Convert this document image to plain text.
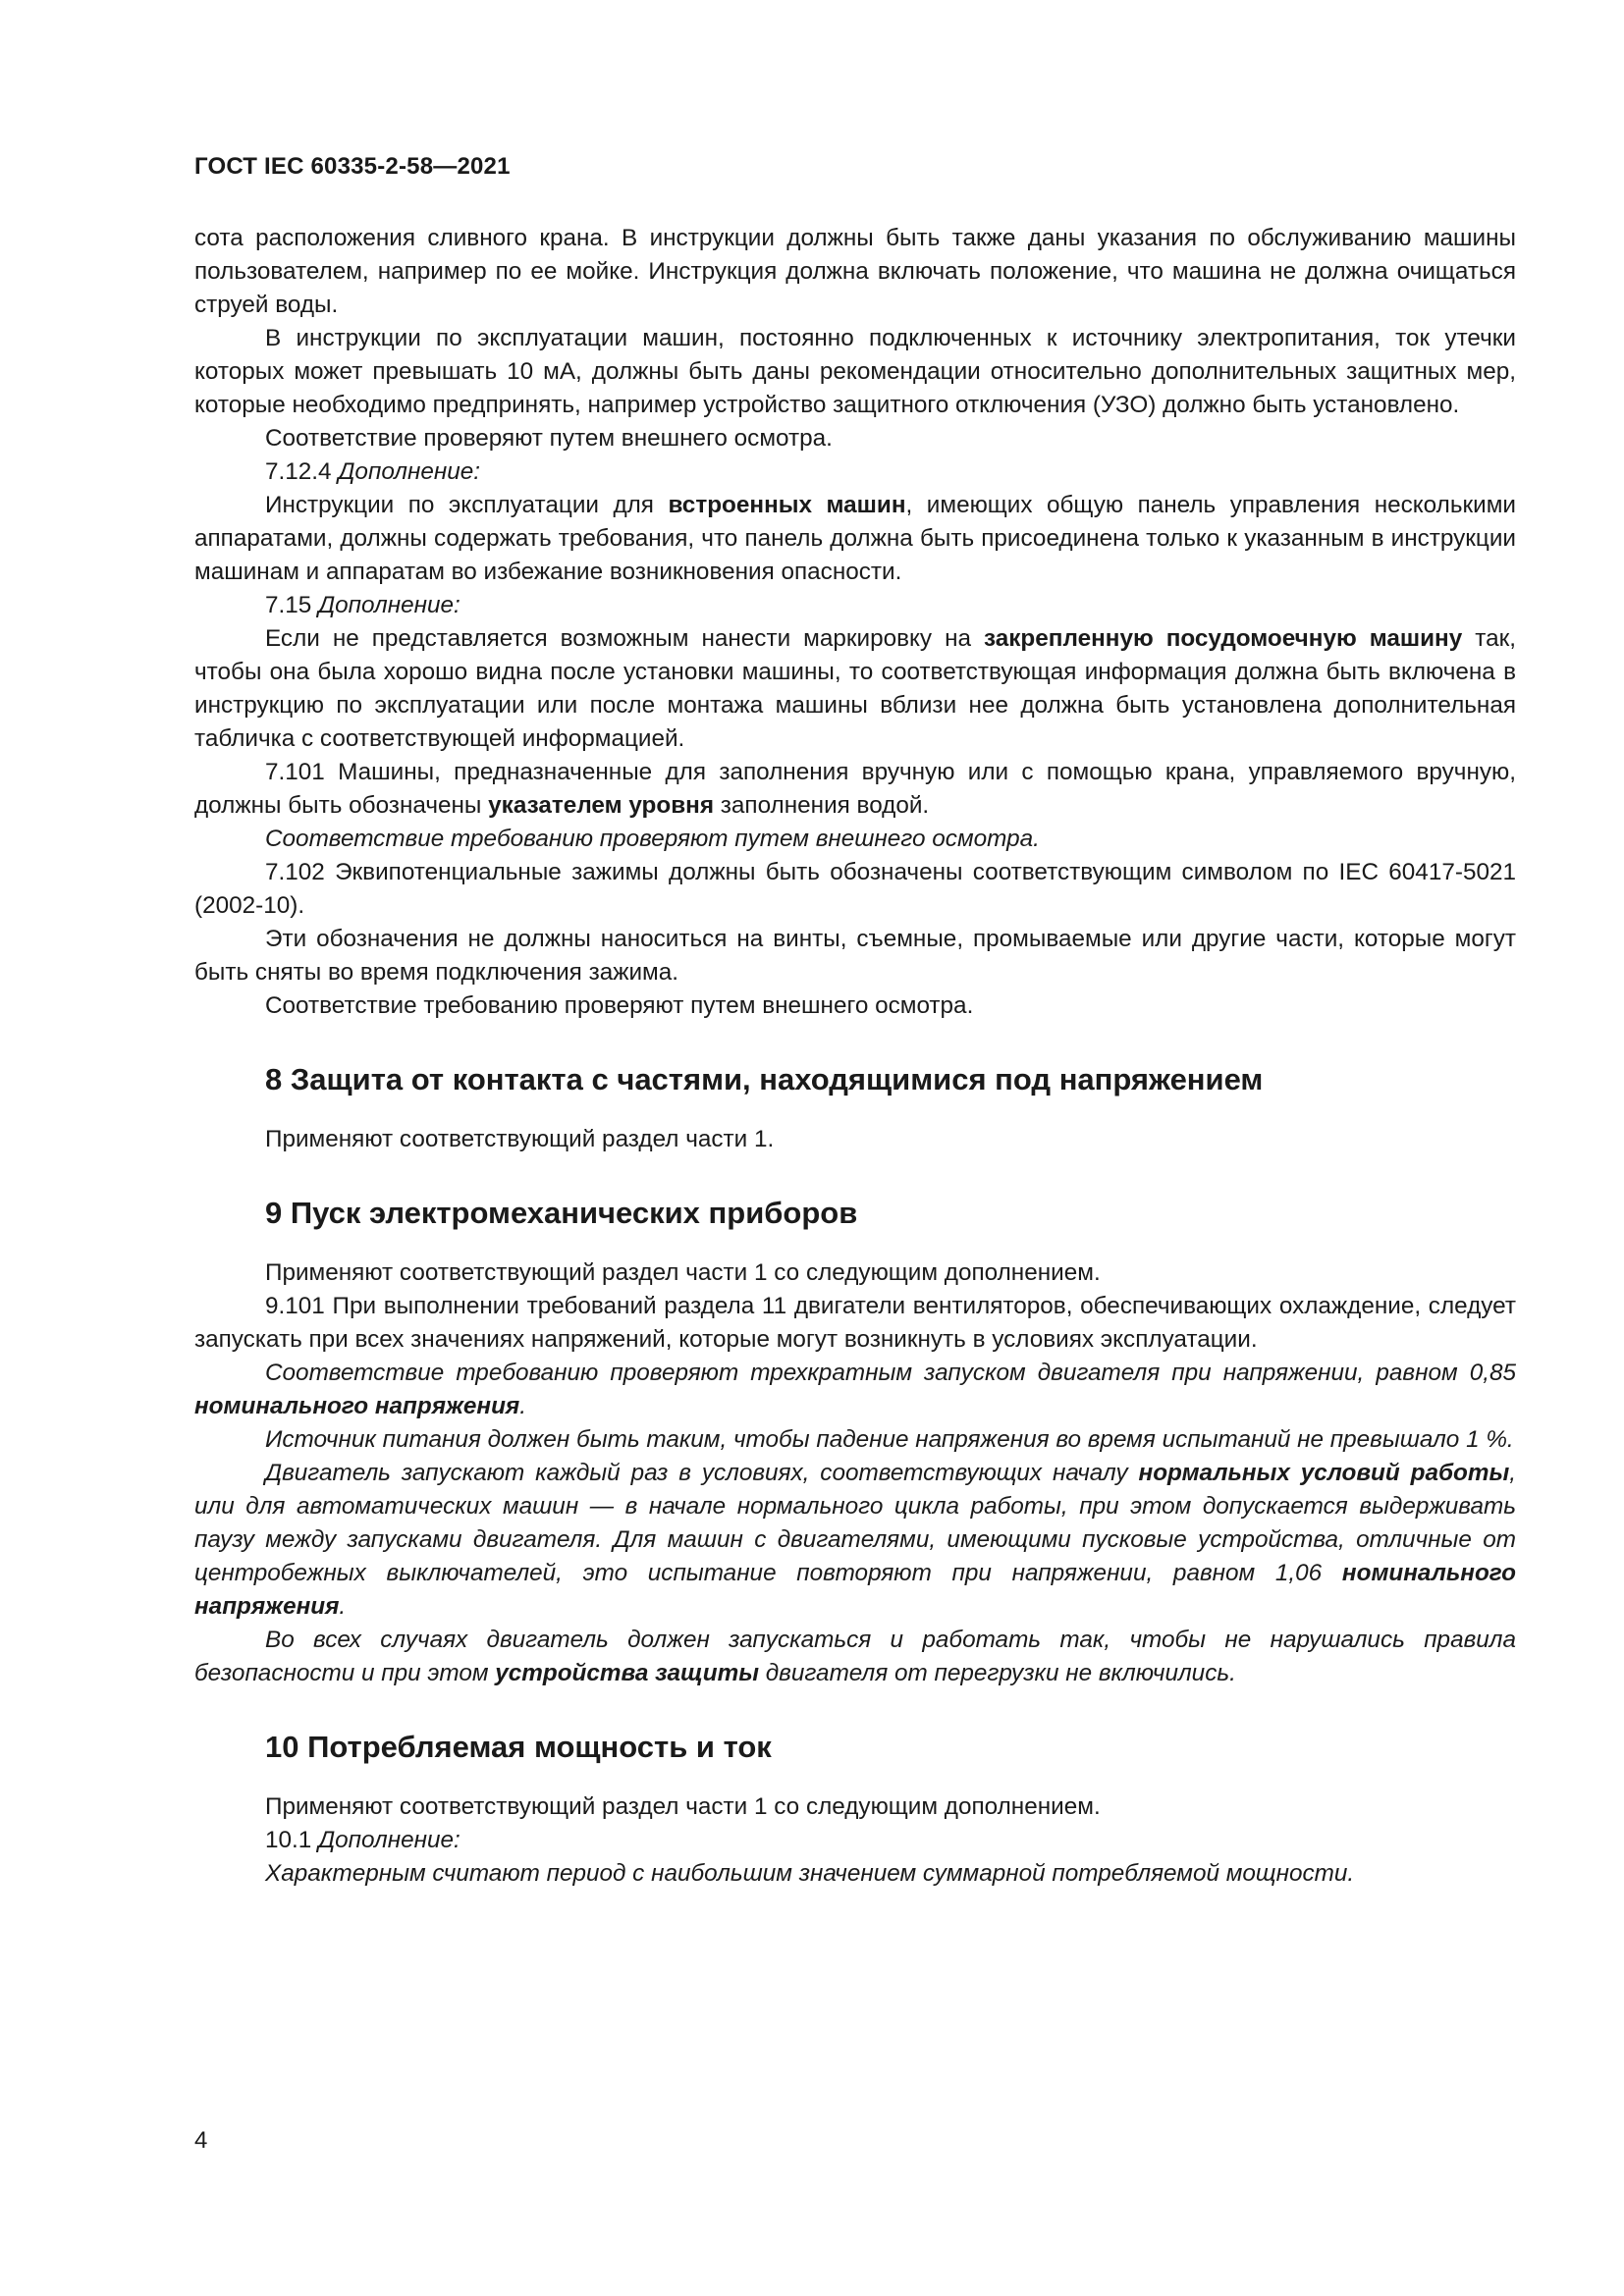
ГОСТ IEC 60335-2-58—2021

сота расположения сливного крана. В инструкции должны быть также даны указания по обслуживанию машины пользователем, например по ее мойке. Инструкция должна включать положение, что машина не должна очищаться струей воды.

В инструкции по эксплуатации машин, постоянно подключенных к источнику электропитания, ток утечки которых может превышать 10 мА, должны быть даны рекомендации относительно дополнительных защитных мер, которые необходимо предпринять, например устройство защитного отключения (УЗО) должно быть установлено.

Соответствие проверяют путем внешнего осмотра.

7.12.4 Дополнение:

Инструкции по эксплуатации для встроенных машин, имеющих общую панель управления несколькими аппаратами, должны содержать требования, что панель должна быть присоединена только к указанным в инструкции машинам и аппаратам во избежание возникновения опасности.

7.15 Дополнение:

Если не представляется возможным нанести маркировку на закрепленную посудомоечную машину так, чтобы она была хорошо видна после установки машины, то соответствующая информация должна быть включена в инструкцию по эксплуатации или после монтажа машины вблизи нее должна быть установлена дополнительная табличка с соответствующей информацией.

7.101 Машины, предназначенные для заполнения вручную или с помощью крана, управляемого вручную, должны быть обозначены указателем уровня заполнения водой.

Соответствие требованию проверяют путем внешнего осмотра.

7.102 Эквипотенциальные зажимы должны быть обозначены соответствующим символом по IEC 60417-5021 (2002-10).

Эти обозначения не должны наноситься на винты, съемные, промываемые или другие части, которые могут быть сняты во время подключения зажима.

Соответствие требованию проверяют путем внешнего осмотра.

8 Защита от контакта с частями, находящимися под напряжением

Применяют соответствующий раздел части 1.

9 Пуск электромеханических приборов

Применяют соответствующий раздел части 1 со следующим дополнением.

9.101 При выполнении требований раздела 11 двигатели вентиляторов, обеспечивающих охлаждение, следует запускать при всех значениях напряжений, которые могут возникнуть в условиях эксплуатации.

Соответствие требованию проверяют трехкратным запуском двигателя при напряжении, равном 0,85 номинального напряжения.

Источник питания должен быть таким, чтобы падение напряжения во время испытаний не превышало 1 %.

Двигатель запускают каждый раз в условиях, соответствующих началу нормальных условий работы, или для автоматических машин — в начале нормального цикла работы, при этом допускается выдерживать паузу между запусками двигателя. Для машин с двигателями, имеющими пусковые устройства, отличные от центробежных выключателей, это испытание повторяют при напряжении, равном 1,06 номинального напряжения.

Во всех случаях двигатель должен запускаться и работать так, чтобы не нарушались правила безопасности и при этом устройства защиты двигателя от перегрузки не включились.

10 Потребляемая мощность и ток

Применяют соответствующий раздел части 1 со следующим дополнением.

10.1 Дополнение:

Характерным считают период с наибольшим значением суммарной потребляемой мощности.

4
